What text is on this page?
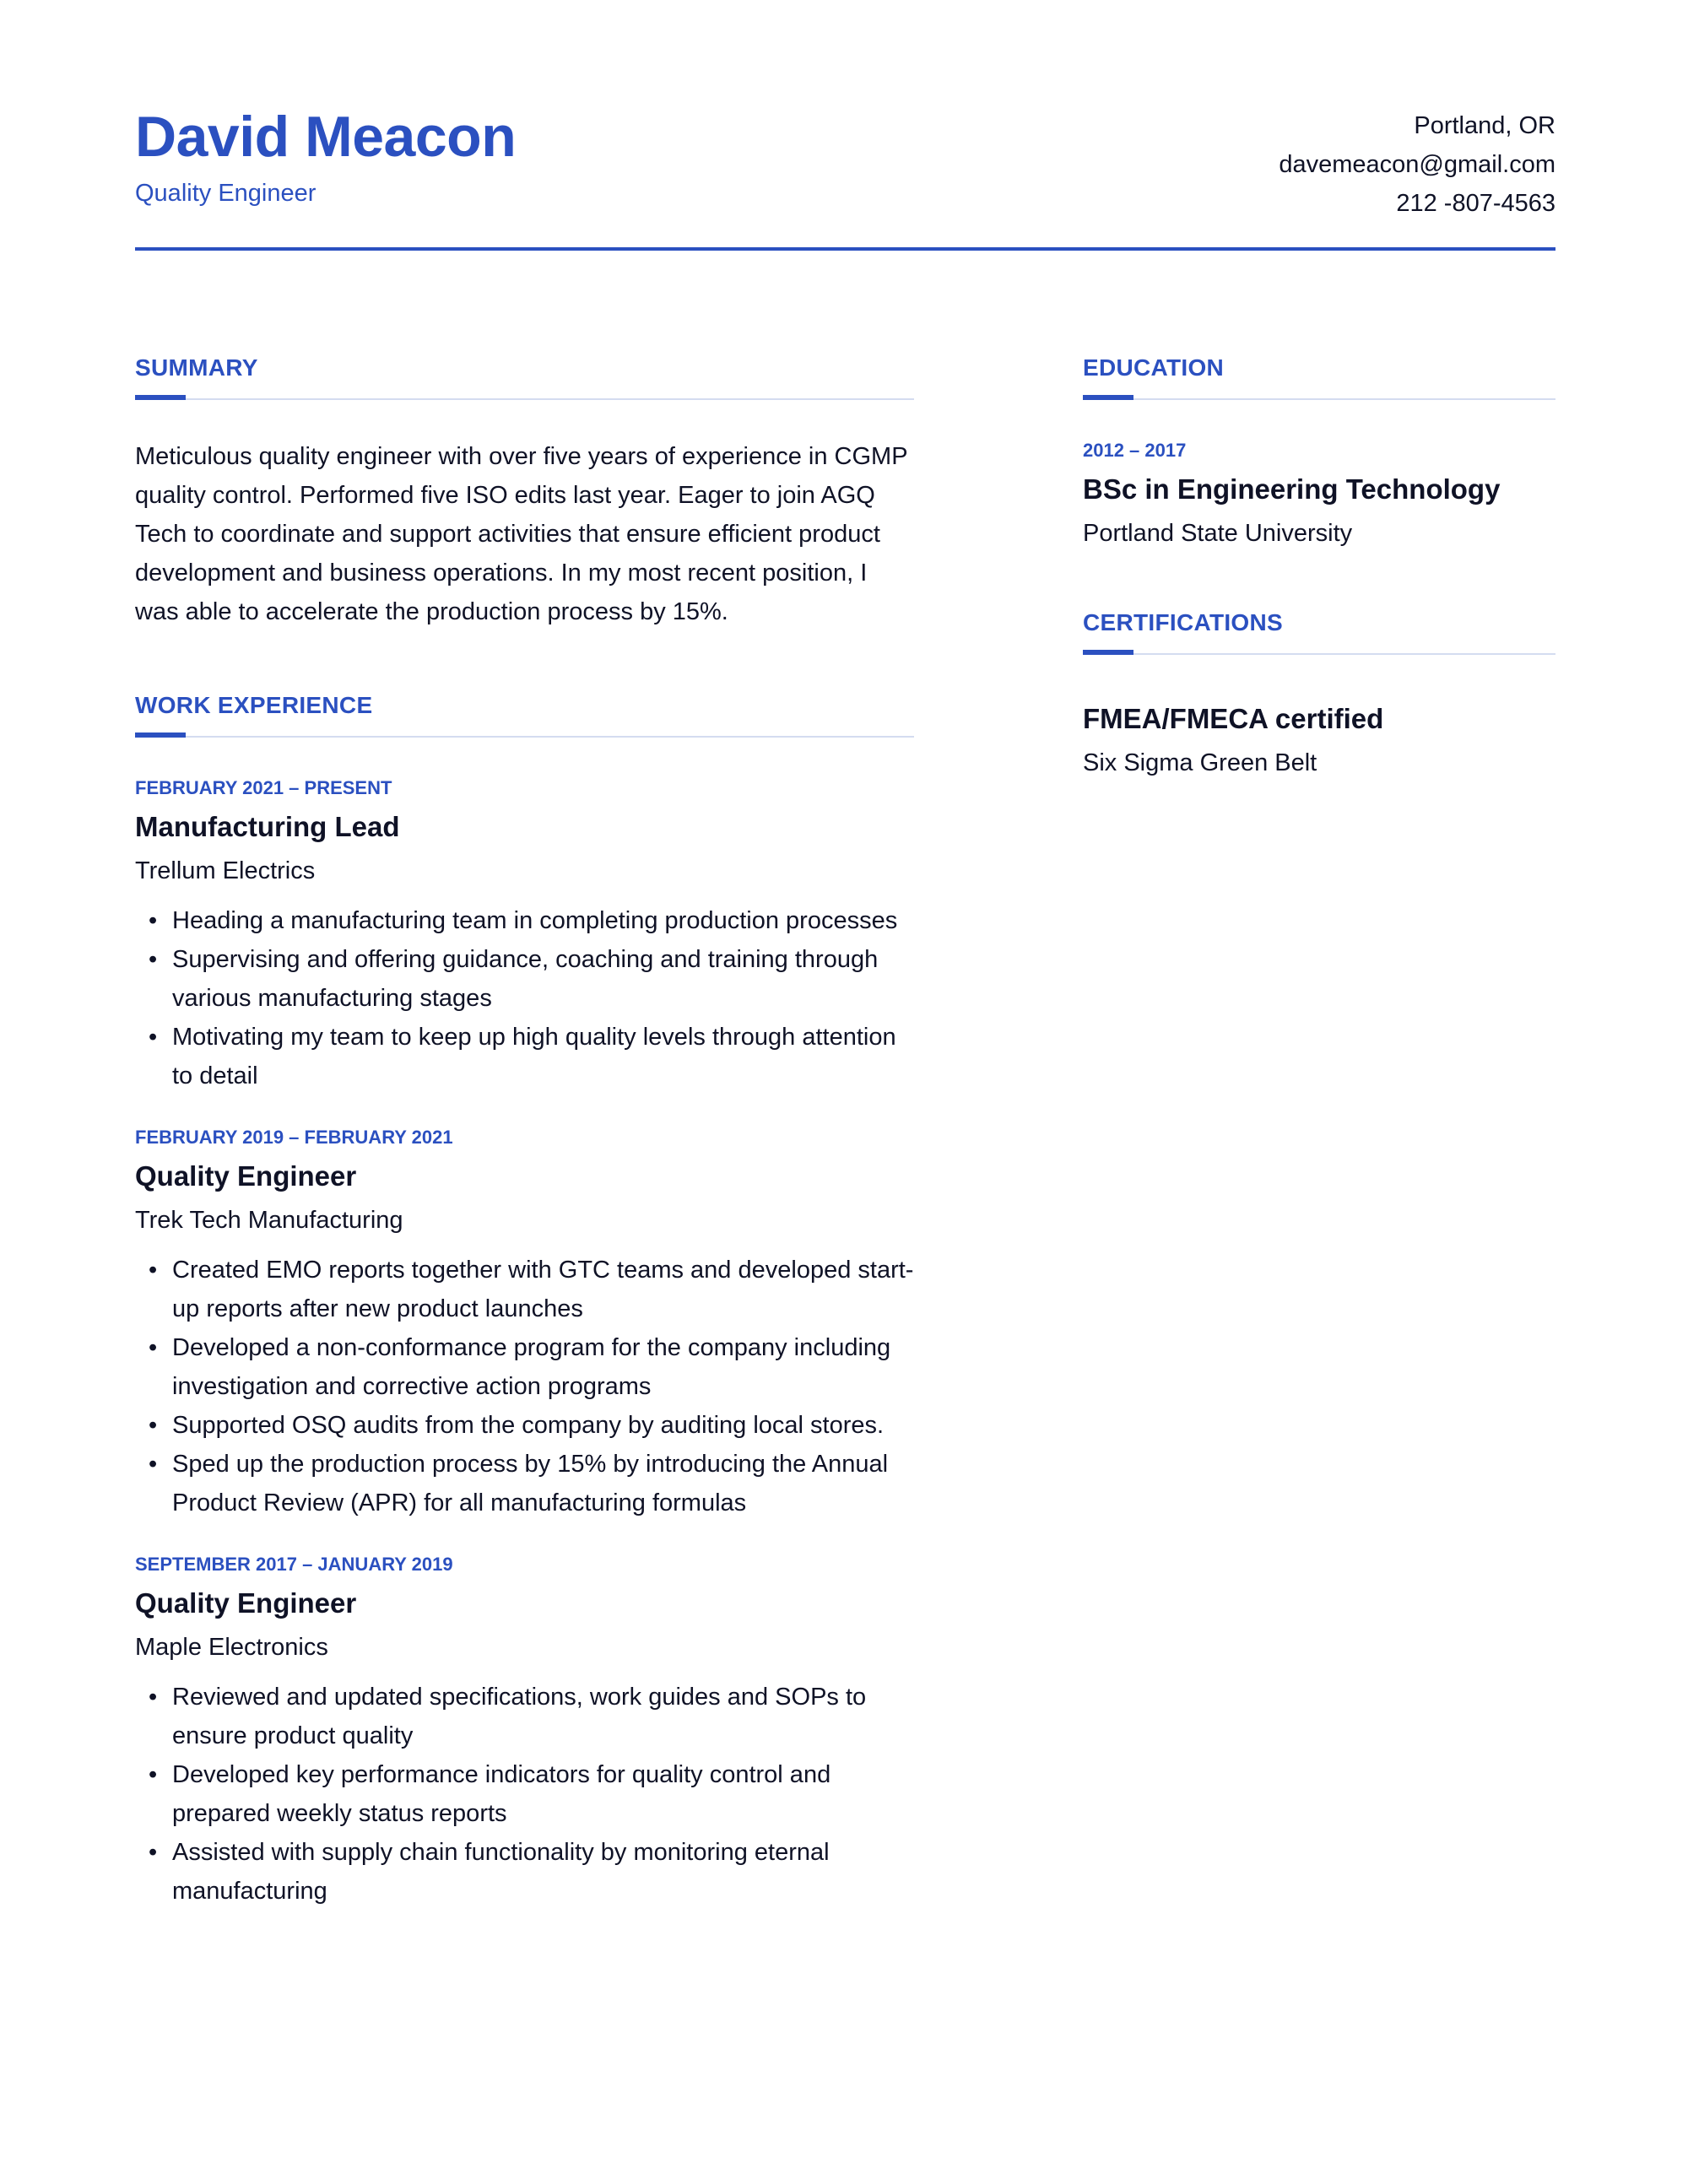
David Meacon
Quality Engineer
Portland, OR
davemeacon@gmail.com
212 -807-4563
SUMMARY

Meticulous quality engineer with over five years of experience in CGMP quality control. Performed five ISO edits last year. Eager to join AGQ Tech to coordinate and support activities that ensure efficient product development and business operations. In my most recent position, I was able to accelerate the production process by 15%.

WORK EXPERIENCE
FEBRUARY 2021 – PRESENT
Manufacturing Lead
Trellum Electrics
• Heading a manufacturing team in completing production processes
• Supervising and offering guidance, coaching and training through various manufacturing stages
• Motivating my team to keep up high quality levels through attention to detail
FEBRUARY 2019 – FEBRUARY 2021
Quality Engineer
Trek Tech Manufacturing
• Created EMO reports together with GTC teams and developed start-up reports after new product launches
• Developed a non-conformance program for the company including investigation and corrective action programs
• Supported OSQ audits from the company by auditing local stores.
• Sped up the production process by 15% by introducing the Annual Product Review (APR) for all manufacturing formulas
SEPTEMBER 2017 – JANUARY 2019
Quality Engineer
Maple Electronics
• Reviewed and updated specifications, work guides and SOPs to ensure product quality
• Developed key performance indicators for quality control and prepared weekly status reports
• Assisted with supply chain functionality by monitoring eternal manufacturing
EDUCATION
2012 – 2017
BSc in Engineering Technology
Portland State University
CERTIFICATIONS
FMEA/FMECA certified
Six Sigma Green Belt
